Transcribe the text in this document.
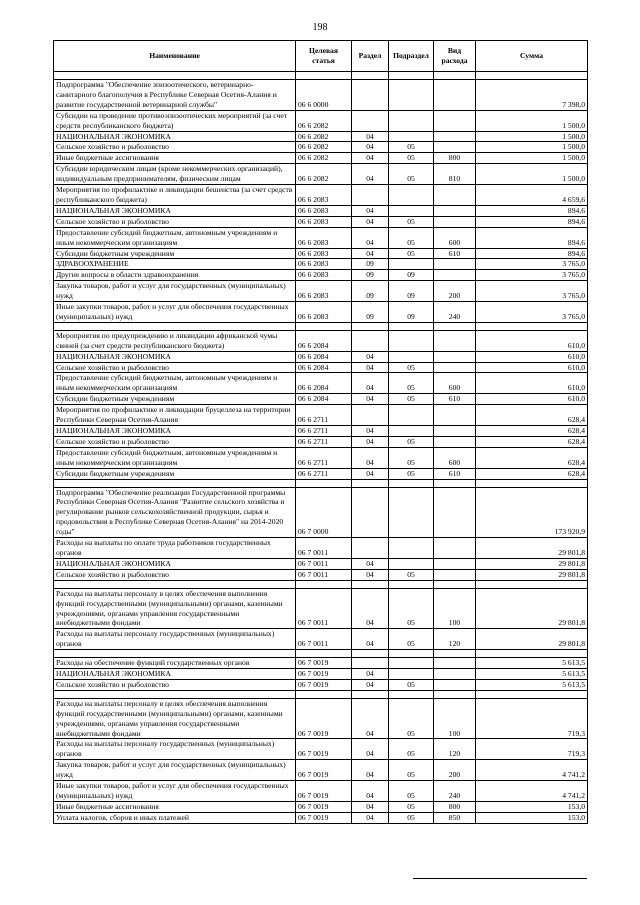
198
Наименование	Целевая статья	Раздел	Подраздел	Вид расхода	Сумма

Подпрограмма "Обеспечение эпизоотического, ветеринарно-санитарного благополучия в Республике Северная Осетия-Алания и развитие государственной ветеринарной службы"	06 6 0000				7 398,0
Субсидии на проведение противоэпизоотических мероприятий (за счет средств республиканского бюджета)	06 6 2082				1 500,0
НАЦИОНАЛЬНАЯ ЭКОНОМИКА	06 6 2082	04			1 500,0
Сельское хозяйство и рыболовство	06 6 2082	04	05		1 500,0
Иные бюджетные ассигнования	06 6 2082	04	05	800	1 500,0
Субсидии юридическим лицам (кроме некоммерческих организаций), индивидуальным предпринимателям, физическим лицам	06 6 2082	04	05	810	1 500,0
Мероприятия по профилактике и ликвидации бешенства (за счет средств республиканского бюджета)	06 6 2083				4 659,6
НАЦИОНАЛЬНАЯ ЭКОНОМИКА	06 6 2083	04			894,6
Сельское хозяйство и рыболовство	06 6 2083	04	05		894,6
Предоставление субсидий бюджетным, автономным учреждениям и иным некоммерческим организациям	06 6 2083	04	05	600	894,6
Субсидии бюджетным учреждениям	06 6 2083	04	05	610	894,6
ЗДРАВООХРАНЕНИЕ	06 6 2083	09			3 765,0
Другие вопросы в области здравоохранения	06 6 2083	09	09		3 765,0
Закупка товаров, работ и услуг для государственных (муниципальных) нужд	06 6 2083	09	09	200	3 765,0
Иные закупки товаров, работ и услуг для обеспечения государственных (муниципальных) нужд	06 6 2083	09	09	240	3 765,0

Мероприятия по предупреждению и ликвидации африканской чумы свиней (за счет средств республиканского бюджета)	06 6 2084				610,0
НАЦИОНАЛЬНАЯ ЭКОНОМИКА	06 6 2084	04			610,0
Сельское хозяйство и рыболовство	06 6 2084	04	05		610,0
Предоставление субсидий бюджетным, автономным учреждениям и иным некоммерческим организациям	06 6 2084	04	05	600	610,0
Субсидии бюджетным учреждениям	06 6 2084	04	05	610	610,0
Мероприятия по профилактике и ликвидации бруцеллеза на территории Республики Северная Осетия-Алания	06 6 2711				628,4
НАЦИОНАЛЬНАЯ ЭКОНОМИКА	06 6 2711	04			628,4
Сельское хозяйство и рыболовство	06 6 2711	04	05		628,4
Предоставление субсидий бюджетным, автономным учреждениям и иным некоммерческим организациям	06 6 2711	04	05	600	628,4
Субсидии бюджетным учреждениям	06 6 2711	04	05	610	628,4

Подпрограмма "Обеспечение реализации Государственной программы Республики Северная Осетия-Алания "Развитие сельского хозяйства и регулирование рынков сельскохозяйственной продукции, сырья и продовольствия в Республике Северная Осетия-Алания" на 2014-2020 годы"	06 7 0000				173 920,9
Расходы на выплаты по оплате труда работников государственных органов	06 7 0011				29 801,8
НАЦИОНАЛЬНАЯ ЭКОНОМИКА	06 7 0011	04			29 801,8
Сельское хозяйство и рыболовство	06 7 0011	04	05		29 801,8

Расходы на выплаты персоналу в целях обеспечения выполнения функций государственными (муниципальными) органами, казенными учреждениями, органами управления государственными внебюджетными фондами	06 7 0011	04	05	100	29 801,8
Расходы на выплаты персоналу государственных (муниципальных) органов	06 7 0011	04	05	120	29 801,8

Расходы на обеспечение функций государственных органов	06 7 0019				5 613,5
НАЦИОНАЛЬНАЯ ЭКОНОМИКА	06 7 0019	04			5 613,5
Сельское хозяйство и рыболовство	06 7 0019	04	05		5 613,5

Расходы на выплаты персоналу в целях обеспечения выполнения функций государственными (муниципальными) органами, казенными учреждениями, органами управления государственными внебюджетными фондами	06 7 0019	04	05	100	719,3
Расходы на выплаты персоналу государственных (муниципальных) органов	06 7 0019	04	05	120	719,3
Закупка товаров, работ и услуг для государственных (муниципальных) нужд	06 7 0019	04	05	200	4 741,2
Иные закупки товаров, работ и услуг для обеспечения государственных (муниципальных) нужд	06 7 0019	04	05	240	4 741,2
Иные бюджетные ассигнования	06 7 0019	04	05	800	153,0
Уплата налогов, сборов и иных платежей	06 7 0019	04	05	850	153,0
